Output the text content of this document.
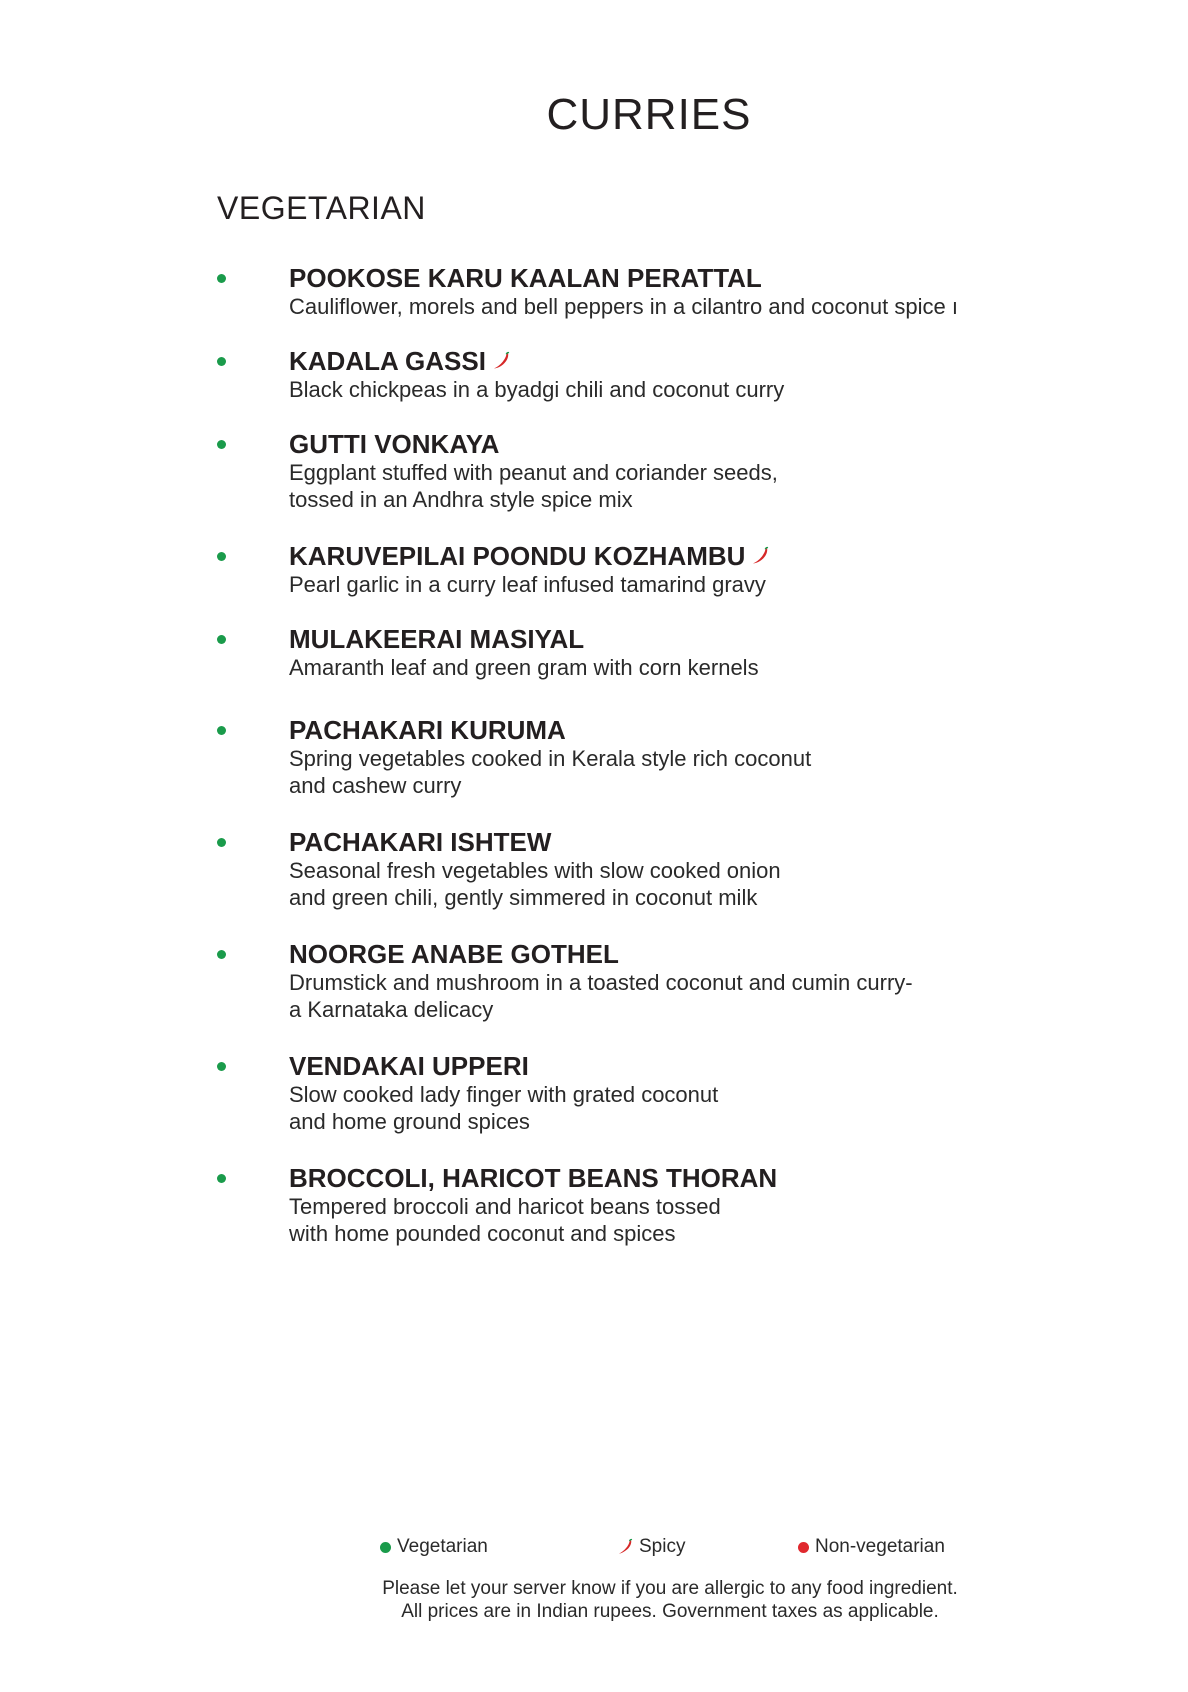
CURRIES
VEGETARIAN
POOKOSE KARU KAALAN PERATTAL
Cauliflower, morels and bell peppers in a cilantro and coconut spice ı
KADALA GASSI
Black chickpeas in a byadgi chili and coconut curry
GUTTI VONKAYA
Eggplant stuffed with peanut and coriander seeds,
tossed in an Andhra style spice mix
KARUVEPILAI POONDU KOZHAMBU
Pearl garlic in a curry leaf infused tamarind gravy
MULAKEERAI MASIYAL
Amaranth leaf and green gram with corn kernels
PACHAKARI KURUMA
Spring vegetables cooked in Kerala style rich coconut
and cashew curry
PACHAKARI ISHTEW
Seasonal fresh vegetables with slow cooked onion
and green chili, gently simmered in coconut milk
NOORGE ANABE GOTHEL
Drumstick and mushroom in a toasted coconut and cumin curry-
a Karnataka delicacy
VENDAKAI UPPERI
Slow cooked lady finger with grated coconut
and home ground spices
BROCCOLI, HARICOT BEANS THORAN
Tempered broccoli and haricot beans tossed
with home pounded coconut and spices
Vegetarian	Spicy	Non-vegetarian
Please let your server know if you are allergic to any food ingredient.
All prices are in Indian rupees. Government taxes as applicable.
